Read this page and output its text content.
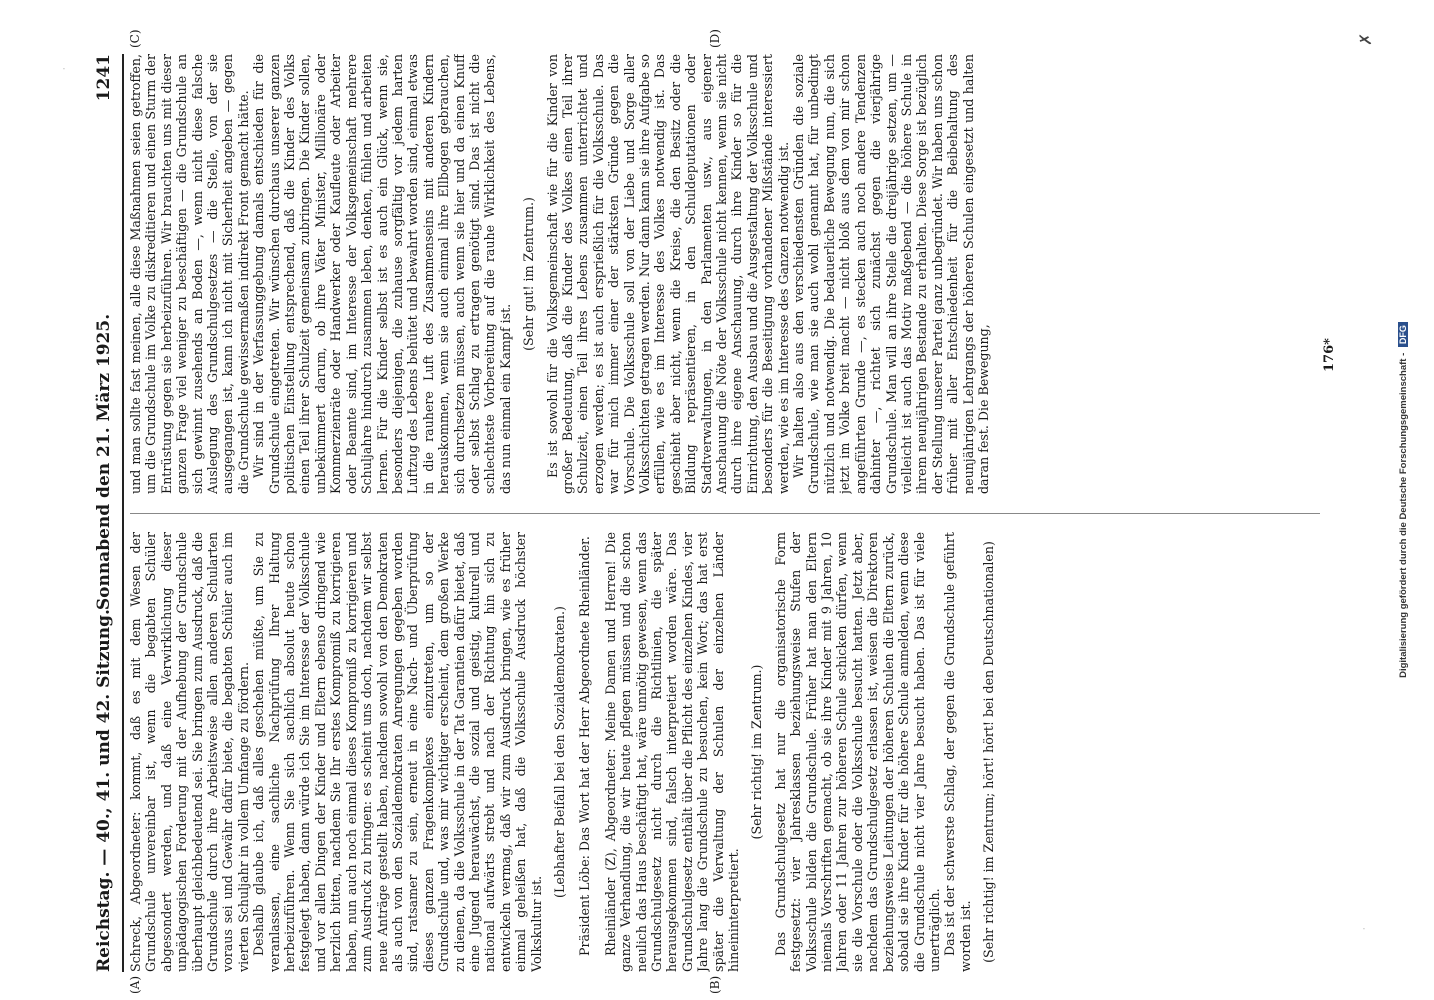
Reichstag. — 40., 41. und 42. Sitzung.
Sonnabend den 21. März 1925.
1241
(A)	(B)
(C)	(D)

Schreck, Abgeordneter: kommt, daß es mit dem Wesen der Grundschule unvereinbar ist, wenn die begabten Schüler abgesondert werden, und daß eine Verwirklichung dieser unpädagogischen Forderung mit der Aufhebung der Grundschule überhaupt gleichbedeutend sei. Sie bringen zum Ausdruck, daß die Grundschule durch ihre Arbeitsweise allen anderen Schularten voraus sei und Gewähr dafür biete, die begabten Schüler auch im vierten Schuljahr in vollem Umfange zu fördern. Deshalb glaube ich, daß alles geschehen müßte, um Sie zu veranlassen, eine sachliche Nachprüfung Ihrer Haltung herbeizuführen. Wenn Sie sich sachlich absolut heute schon festgelegt haben, dann würde ich Sie im Interesse der Volksschule und vor allen Dingen der Kinder und Eltern ebenso dringend wie herzlich bitten, nachdem Sie Ihr erstes Kompromiß zu korrigieren haben, nun auch noch einmal dieses Kompromiß zu korrigieren und zum Ausdruck zu bringen: es scheint uns doch, nachdem wir selbst neue Anträge gestellt haben, nachdem sowohl von den Demokraten als auch von den Sozialdemokraten Anregungen gegeben worden sind, ratsamer zu sein, erneut in eine Nach- und Überprüfung dieses ganzen Fragenkomplexes einzutreten, um so der Grundschule und, was mir wichtiger erscheint, dem großen Werke zu dienen, da die Volksschule in der Tat Garantien dafür bietet, daß eine Jugend herauwächst, die sozial und geistig, kulturell und national aufwärts strebt und nach der Richtung hin sich zu entwickeln vermag, daß wir zum Ausdruck bringen, wie es früher einmal geheißen hat, daß die Volksschule Ausdruck höchster Volkskultur ist.

(Lebhafter Beifall bei den Sozialdemokraten.) Präsident Löbe: Das Wort hat der Herr Abgeordnete Rheinländer. Rheinländer (Z), Abgeordneter: Meine Damen und Herren! Die ganze Verhandlung, die wir heute pflegen müssen und die schon neulich das Haus beschäftigt hat, wäre unnötig gewesen, wenn das Grundschulgesetz nicht durch die Richtlinien, die später herausgekommen sind, falsch interpretiert worden wäre. Das Grundschulgesetz enthält über die Pflicht des einzelnen Kindes, vier Jahre lang die Grundschule zu besuchen, kein Wort; das hat erst später die Verwaltung der Schulen der einzelnen Länder hineininterpretiert.

(Sehr richtig! im Zentrum.) Das Grundschulgesetz hat nur die organisatorische Form festgesetzt: vier Jahresklassen beziehungsweise Stufen der Volksschule bilden die Grundschule. Früher hat man den Eltern niemals Vorschriften gemacht, ob sie ihre Kinder mit 9 Jahren, 10 Jahren oder 11 Jahren zur höheren Schule schicken dürfen, wenn sie die Vorschule oder die Volksschule besucht hatten. Jetzt aber, nachdem das Grundschulgesetz erlassen ist, weisen die Direktoren beziehungsweise Leitungen der höheren Schulen die Eltern zurück, sobald sie ihre Kinder für die höhere Schule anmelden, wenn diese die Grundschule nicht vier Jahre besucht haben. Das ist für viele unerträglich. Das ist der schwerste Schlag, der gegen die Grundschule geführt worden ist. (Sehr richtig! im Zentrum; hört! hört! bei den Deutschnationalen)

und man sollte fast meinen, alle diese Maßnahmen seien getroffen, um die Grundschule im Volke zu diskreditieren und einen Sturm der Entrüstung gegen sie herbeizuführen. Wir brauchten uns mit dieser ganzen Frage viel weniger zu beschäftigen — die Grundschule an sich gewinnt zusehends an Boden —, wenn nicht diese falsche Auslegung des Grundschulgesetzes — die Stelle, von der sie ausgegangen ist, kann ich nicht mit Sicherheit angeben — gegen die Grundschule gewissermaßen indirekt Front gemacht hätte. Wir sind in der Verfassunggebung damals entschieden für die Grundschule eingetreten. Wir wünschen durchaus unserer ganzen politischen Einstellung entsprechend, daß die Kinder des Volks einen Teil ihrer Schulzeit gemeinsam zubringen. Die Kinder sollen, unbekümmert darum, ob ihre Väter Minister, Millionäre oder Kommerzienräte oder Handwerker oder Kaufleute oder Arbeiter oder Beamte sind, im Interesse der Volksgemeinschaft mehrere Schuljahre hindurch zusammen leben, denken, fühlen und arbeiten lernen. Für die Kinder selbst ist es auch ein Glück, wenn sie, besonders diejenigen, die zuhause sorgfältig vor jedem harten Luftzug des Lebens behütet und bewahrt worden sind, einmal etwas in die rauhere Luft des Zusammenseins mit anderen Kindern herauskommen, wenn sie auch einmal ihre Ellbogen gebrauchen, sich durchsetzen müssen, auch wenn sie hier und da einen Knuff oder selbst Schlag zu ertragen genötigt sind. Das ist nicht die schlechteste Vorbereitung auf die rauhe Wirklichkeit des Lebens, das nun einmal ein Kampf ist.

(Sehr gut! im Zentrum.) Es ist sowohl für die Volksgemeinschaft wie für die Kinder von großer Bedeutung, daß die Kinder des Volkes einen Teil ihrer Schulzeit, einen Teil ihres Lebens zusammen unterrichtet und erzogen werden; es ist auch ersprießlich für die Volksschule. Das war für mich immer einer der stärksten Gründe gegen die Vorschule. Die Volksschule soll von der Liebe und Sorge aller Volksschichten getragen werden. Nur dann kann sie ihre Aufgabe so erfüllen, wie es im Interesse des Volkes notwendig ist. Das geschieht aber nicht, wenn die Kreise, die den Besitz oder die Bildung repräsentieren, in den Schuldeputationen oder Stadtverwaltungen, in den Parlamenten usw., aus eigener Anschauung die Nöte der Volksschule nicht kennen, wenn sie nicht durch ihre eigene Anschauung, durch ihre Kinder so für die Einrichtung, den Ausbau und die Ausgestaltung der Volksschule und besonders für die Beseitigung vorhandener Mißstände interessiert werden, wie es im Interesse des Ganzen notwendig ist. Wir halten also aus den verschiedensten Gründen die soziale Grundschule, wie man sie auch wohl genannt hat, für unbedingt nützlich und notwendig. Die bedauerliche Bewegung nun, die sich jetzt im Volke breit macht — nicht bloß aus dem von mir schon angeführten Grunde —, es stecken auch noch andere Tendenzen dahinter —, richtet sich zunächst gegen die vierjährige Grundschule. Man will an ihre Stelle die dreijährige setzen, um — vielleicht ist auch das Motiv maßgebend — die höhere Schule in ihrem neunjährigen Bestande zu erhalten. Diese Sorge ist bezüglich der Stellung unserer Partei ganz unbegründet. Wir haben uns schon früher mit aller Entschiedenheit für die Beibehaltung des neunjährigen Lehrgangs der höheren Schulen eingesetzt und halten daran fest. Die Bewegung,	176*
✗
·
·
Digitalisierung gefördert durch die Deutsche Forschungsgemeinschaft - DFG
